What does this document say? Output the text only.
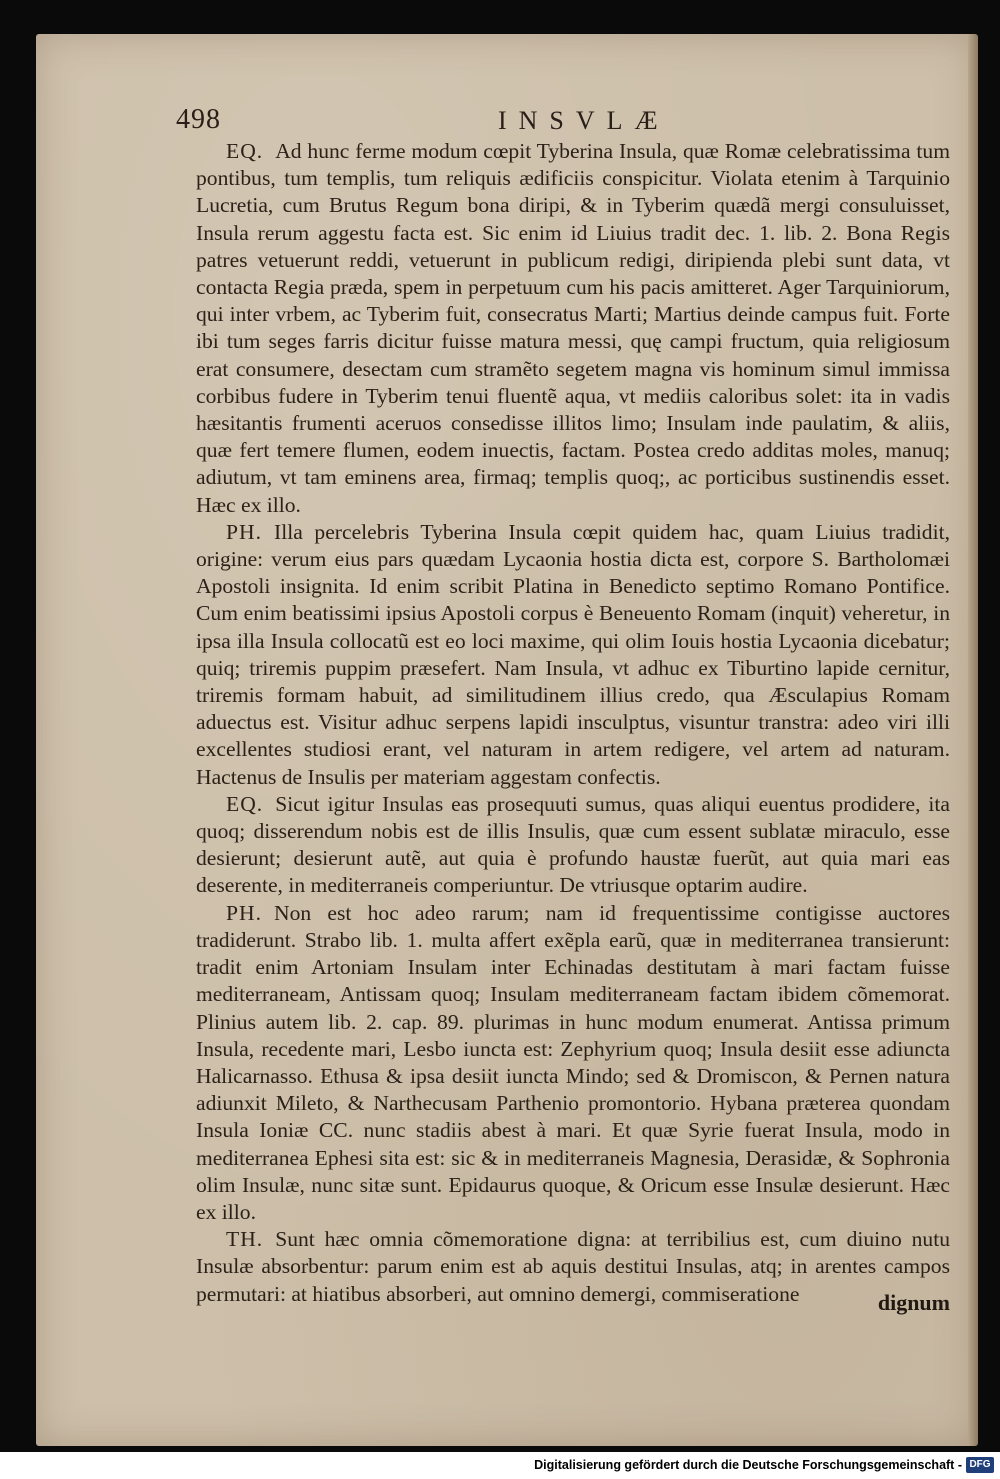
498	INSVLÆ

EQ. Ad hunc ferme modum cœpit Tyberina Insula, quæ Romæ celebratissima tum pontibus, tum templis, tum reliquis ædificiis conspicitur. Violata etenim à Tarquinio Lucretia, cum Brutus Regum bona diripi, & in Tyberim quædã mergi consuluisset, Insula rerum aggestu facta est. Sic enim id Liuius tradit dec. 1. lib. 2. Bona Regis patres vetuerunt reddi, vetuerunt in publicum redigi, diripienda plebi sunt data, vt contacta Regia præda, spem in perpetuum cum his pacis amitteret. Ager Tarquiniorum, qui inter vrbem, ac Tyberim fuit, consecratus Marti; Martius deinde campus fuit. Forte ibi tum seges farris dicitur fuisse matura messi, quę campi fructum, quia religiosum erat consumere, desectam cum stramẽto segetem magna vis hominum simul immissa corbibus fudere in Tyberim tenui fluentẽ aqua, vt mediis caloribus solet: ita in vadis hæsitantis frumenti aceruos consedisse illitos limo; Insulam inde paulatim, & aliis, quæ fert temere flumen, eodem inuectis, factam. Postea credo additas moles, manuq; adiutum, vt tam eminens area, firmaq; templis quoq;, ac porticibus sustinendis esset. Hæc ex illo.

PH. Illa percelebris Tyberina Insula cœpit quidem hac, quam Liuius tradidit, origine: verum eius pars quædam Lycaonia hostia dicta est, corpore S. Bartholomæi Apostoli insignita. Id enim scribit Platina in Benedicto septimo Romano Pontifice. Cum enim beatissimi ipsius Apostoli corpus è Beneuento Romam (inquit) veheretur, in ipsa illa Insula collocatũ est eo loci maxime, qui olim Iouis hostia Lycaonia dicebatur; quiq; triremis puppim præsefert. Nam Insula, vt adhuc ex Tiburtino lapide cernitur, triremis formam habuit, ad similitudinem illius credo, qua Æsculapius Romam aduectus est. Visitur adhuc serpens lapidi insculptus, visuntur transtra: adeo viri illi excellentes studiosi erant, vel naturam in artem redigere, vel artem ad naturam. Hactenus de Insulis per materiam aggestam confectis.

EQ. Sicut igitur Insulas eas prosequuti sumus, quas aliqui euentus prodidere, ita quoq; disserendum nobis est de illis Insulis, quæ cum essent sublatæ miraculo, esse desierunt; desierunt autẽ, aut quia è profundo haustæ fuerũt, aut quia mari eas deserente, in mediterraneis comperiuntur. De vtriusque optarim audire.

PH. Non est hoc adeo rarum; nam id frequentissime contigisse auctores tradiderunt. Strabo lib. 1. multa affert exẽpla earũ, quæ in mediterranea transierunt: tradit enim Artoniam Insulam inter Echinadas destitutam à mari factam fuisse mediterraneam, Antissam quoq; Insulam mediterraneam factam ibidem cõmemorat. Plinius autem lib. 2. cap. 89. plurimas in hunc modum enumerat. Antissa primum Insula, recedente mari, Lesbo iuncta est: Zephyrium quoq; Insula desiit esse adiuncta Halicarnasso. Ethusa & ipsa desiit iuncta Mindo; sed & Dromiscon, & Pernen natura adiunxit Mileto, & Narthecusam Parthenio promontorio. Hybana præterea quondam Insula Ioniæ CC. nunc stadiis abest à mari. Et quæ Syrie fuerat Insula, modo in mediterranea Ephesi sita est: sic & in mediterraneis Magnesia, Derasidæ, & Sophronia olim Insulæ, nunc sitæ sunt. Epidaurus quoque, & Oricum esse Insulæ desierunt. Hæc ex illo.

TH. Sunt hæc omnia cõmemoratione digna: at terribilius est, cum diuino nutu Insulæ absorbentur: parum enim est ab aquis destitui Insulas, atq; in arentes campos permutari: at hiatibus absorberi, aut omnino demergi, commiseratione	dignum
Digitalisierung gefördert durch die Deutsche Forschungsgemeinschaft - DFG
